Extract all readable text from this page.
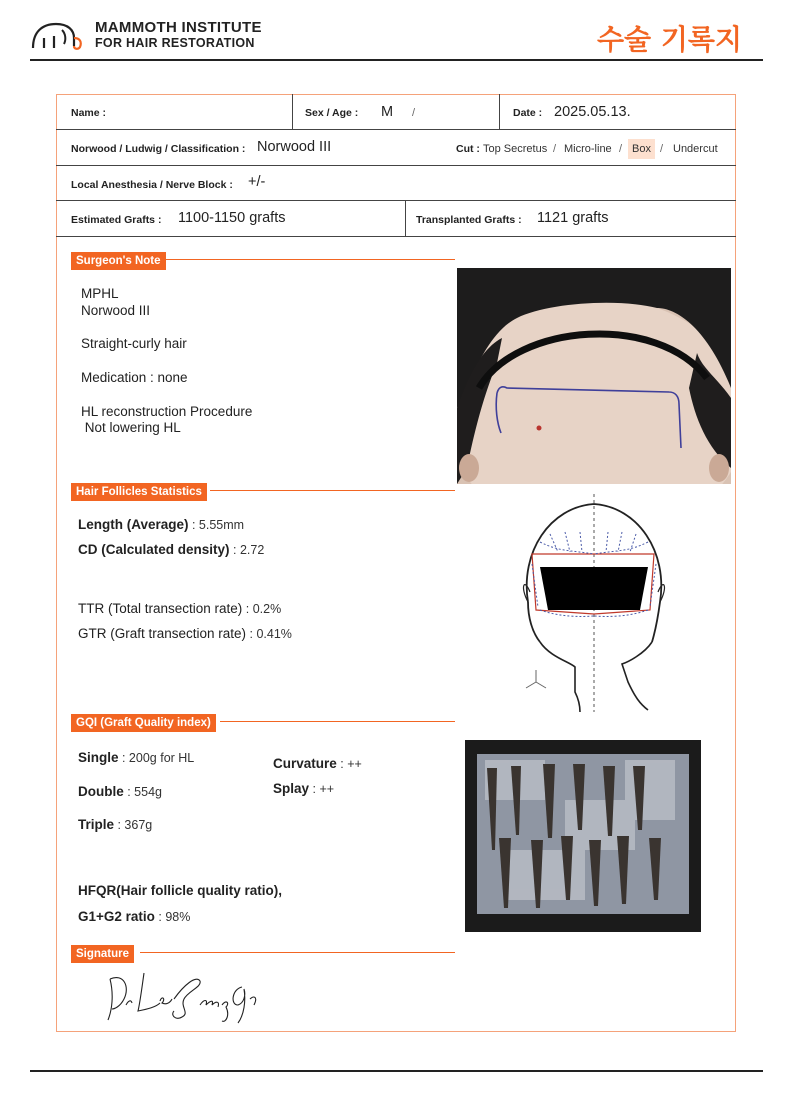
MAMMOTH INSTITUTE
FOR HAIR RESTORATION	수술 기록지
Name :	Sex / Age : M /	Date : 2025.05.13.
Norwood / Ludwig / Classification : Norwood III	Cut : Top Secretus / Micro-line / Box / Undercut
Local Anesthesia / Nerve Block : +/-
Estimated Grafts : 1100-1150 grafts	Transplanted Grafts : 1121 grafts
Surgeon's Note
MPHL
Norwood III
Straight-curly hair
Medication : none
HL reconstruction Procedure
Not lowering HL
Hair Follicles Statistics
Length (Average) : 5.55mm
CD (Calculated density) : 2.72
TTR (Total transection rate) : 0.2%
GTR (Graft transection rate) : 0.41%
GQI (Graft Quality index)
Single : 200g for HL
Double : 554g
Triple : 367g
Curvature : ++
Splay : ++
HFQR(Hair follicle quality ratio),
G1+G2 ratio : 98%
Signature
